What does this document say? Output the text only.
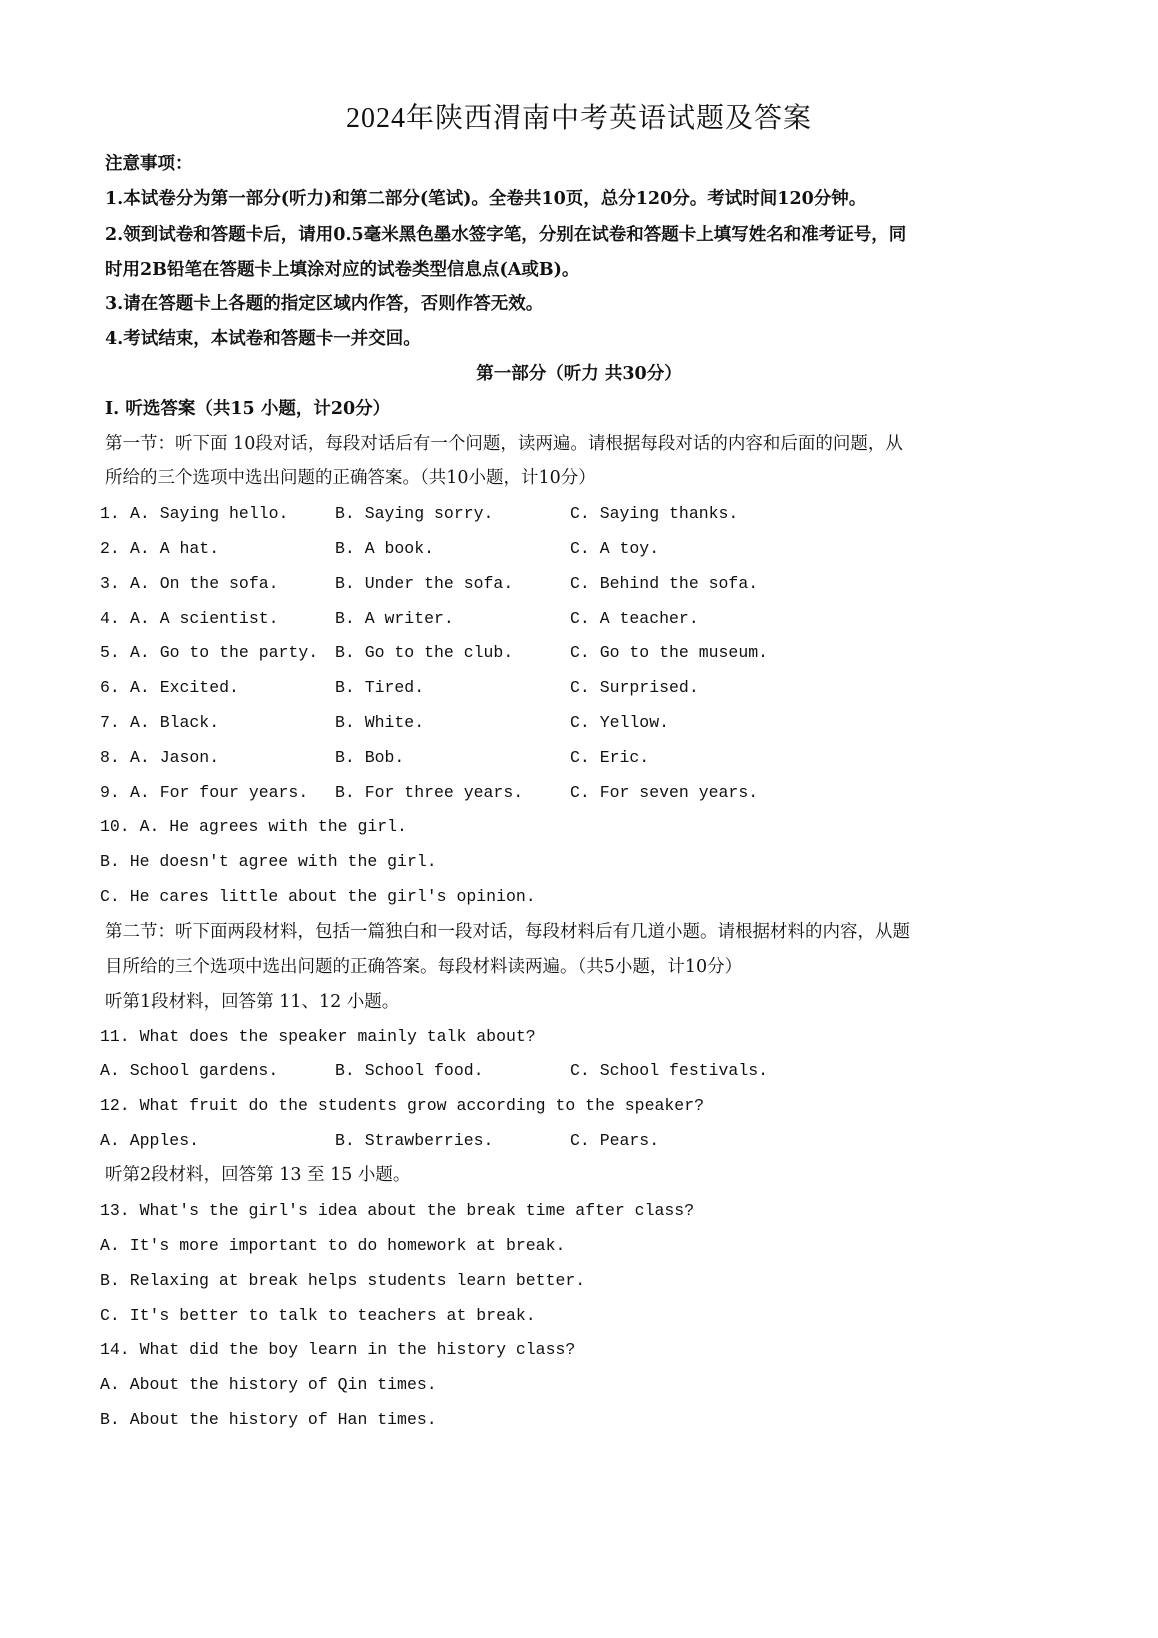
2024年陕西渭南中考英语试题及答案
注意事项：
1.本试卷分为第一部分(听力)和第二部分(笔试)。全卷共10页，总分120分。考试时间120分钟。
2.领到试卷和答题卡后，请用0.5毫米黑色墨水签字笔，分别在试卷和答题卡上填写姓名和准考证号，同
时用2B铅笔在答题卡上填涂对应的试卷类型信息点(A或B)。
3.请在答题卡上各题的指定区域内作答，否则作答无效。
4.考试结束，本试卷和答题卡一并交回。
第一部分（听力 共30分）
Ⅰ. 听选答案（共15 小题，计20分）
第一节：听下面 10段对话，每段对话后有一个问题，读两遍。请根据每段对话的内容和后面的问题，从
所给的三个选项中选出问题的正确答案。（共10小题，计10分）
1. A. Saying hello.	B. Saying sorry.	C. Saying thanks.
2. A. A hat.	B. A book.	C. A toy.
3. A. On the sofa.	B. Under the sofa.	C. Behind the sofa.
4. A. A scientist.	B. A writer.	C. A teacher.
5. A. Go to the party. B. Go to the club.	C. Go to the museum.
6. A. Excited.	B. Tired.	C. Surprised.
7. A. Black.	B. White.	C. Yellow.
8. A. Jason.	B. Bob.	C. Eric.
9. A. For four years. B. For three years.	C. For seven years.
10. A. He agrees with the girl.
B. He doesn't agree with the girl.
C. He cares little about the girl's opinion.
第二节：听下面两段材料，包括一篇独白和一段对话，每段材料后有几道小题。请根据材料的内容，从题
目所给的三个选项中选出问题的正确答案。每段材料读两遍。（共5小题，计10分）
听第1段材料，回答第 11、12 小题。
11. What does the speaker mainly talk about?
A. School gardens.	B. School food.	C. School festivals.
12. What fruit do the students grow according to the speaker?
A. Apples.	B. Strawberries.	C. Pears.
听第2段材料，回答第 13 至 15 小题。
13. What's the girl's idea about the break time after class?
A. It's more important to do homework at break.
B. Relaxing at break helps students learn better.
C. It's better to talk to teachers at break.
14. What did the boy learn in the history class?
A. About the history of Qin times.
B. About the history of Han times.
